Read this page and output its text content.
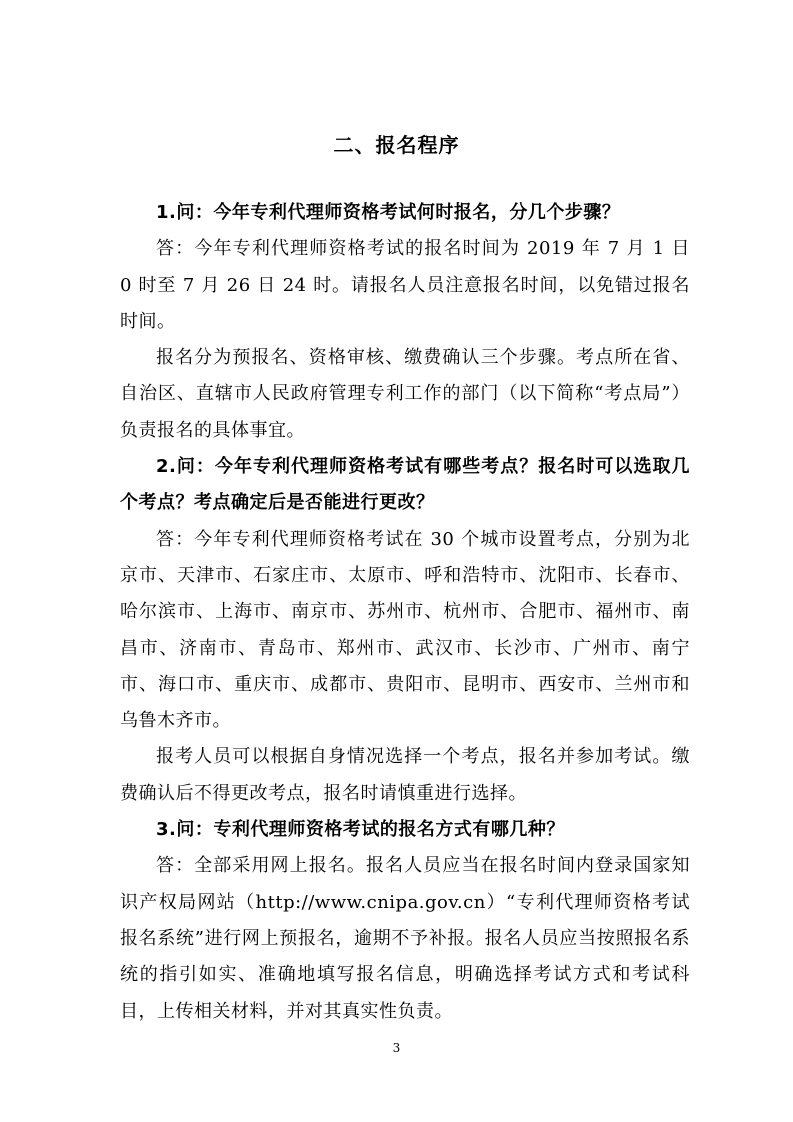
二、报名程序

1.问：今年专利代理师资格考试何时报名，分几个步骤？

答：今年专利代理师资格考试的报名时间为 2019 年 7 月 1 日 0 时至 7 月 26 日 24 时。请报名人员注意报名时间，以免错过报名时间。

报名分为预报名、资格审核、缴费确认三个步骤。考点所在省、自治区、直辖市人民政府管理专利工作的部门（以下简称“考点局”）负责报名的具体事宜。

2.问：今年专利代理师资格考试有哪些考点？报名时可以选取几个考点？考点确定后是否能进行更改？

答：今年专利代理师资格考试在 30 个城市设置考点，分别为北京市、天津市、石家庄市、太原市、呼和浩特市、沈阳市、长春市、哈尔滨市、上海市、南京市、苏州市、杭州市、合肥市、福州市、南昌市、济南市、青岛市、郑州市、武汉市、长沙市、广州市、南宁市、海口市、重庆市、成都市、贵阳市、昆明市、西安市、兰州市和乌鲁木齐市。

报考人员可以根据自身情况选择一个考点，报名并参加考试。缴费确认后不得更改考点，报名时请慎重进行选择。

3.问：专利代理师资格考试的报名方式有哪几种？

答：全部采用网上报名。报名人员应当在报名时间内登录国家知识产权局网站（http://www.cnipa.gov.cn）“专利代理师资格考试报名系统”进行网上预报名，逾期不予补报。报名人员应当按照报名系统的指引如实、准确地填写报名信息，明确选择考试方式和考试科目，上传相关材料，并对其真实性负责。

3
